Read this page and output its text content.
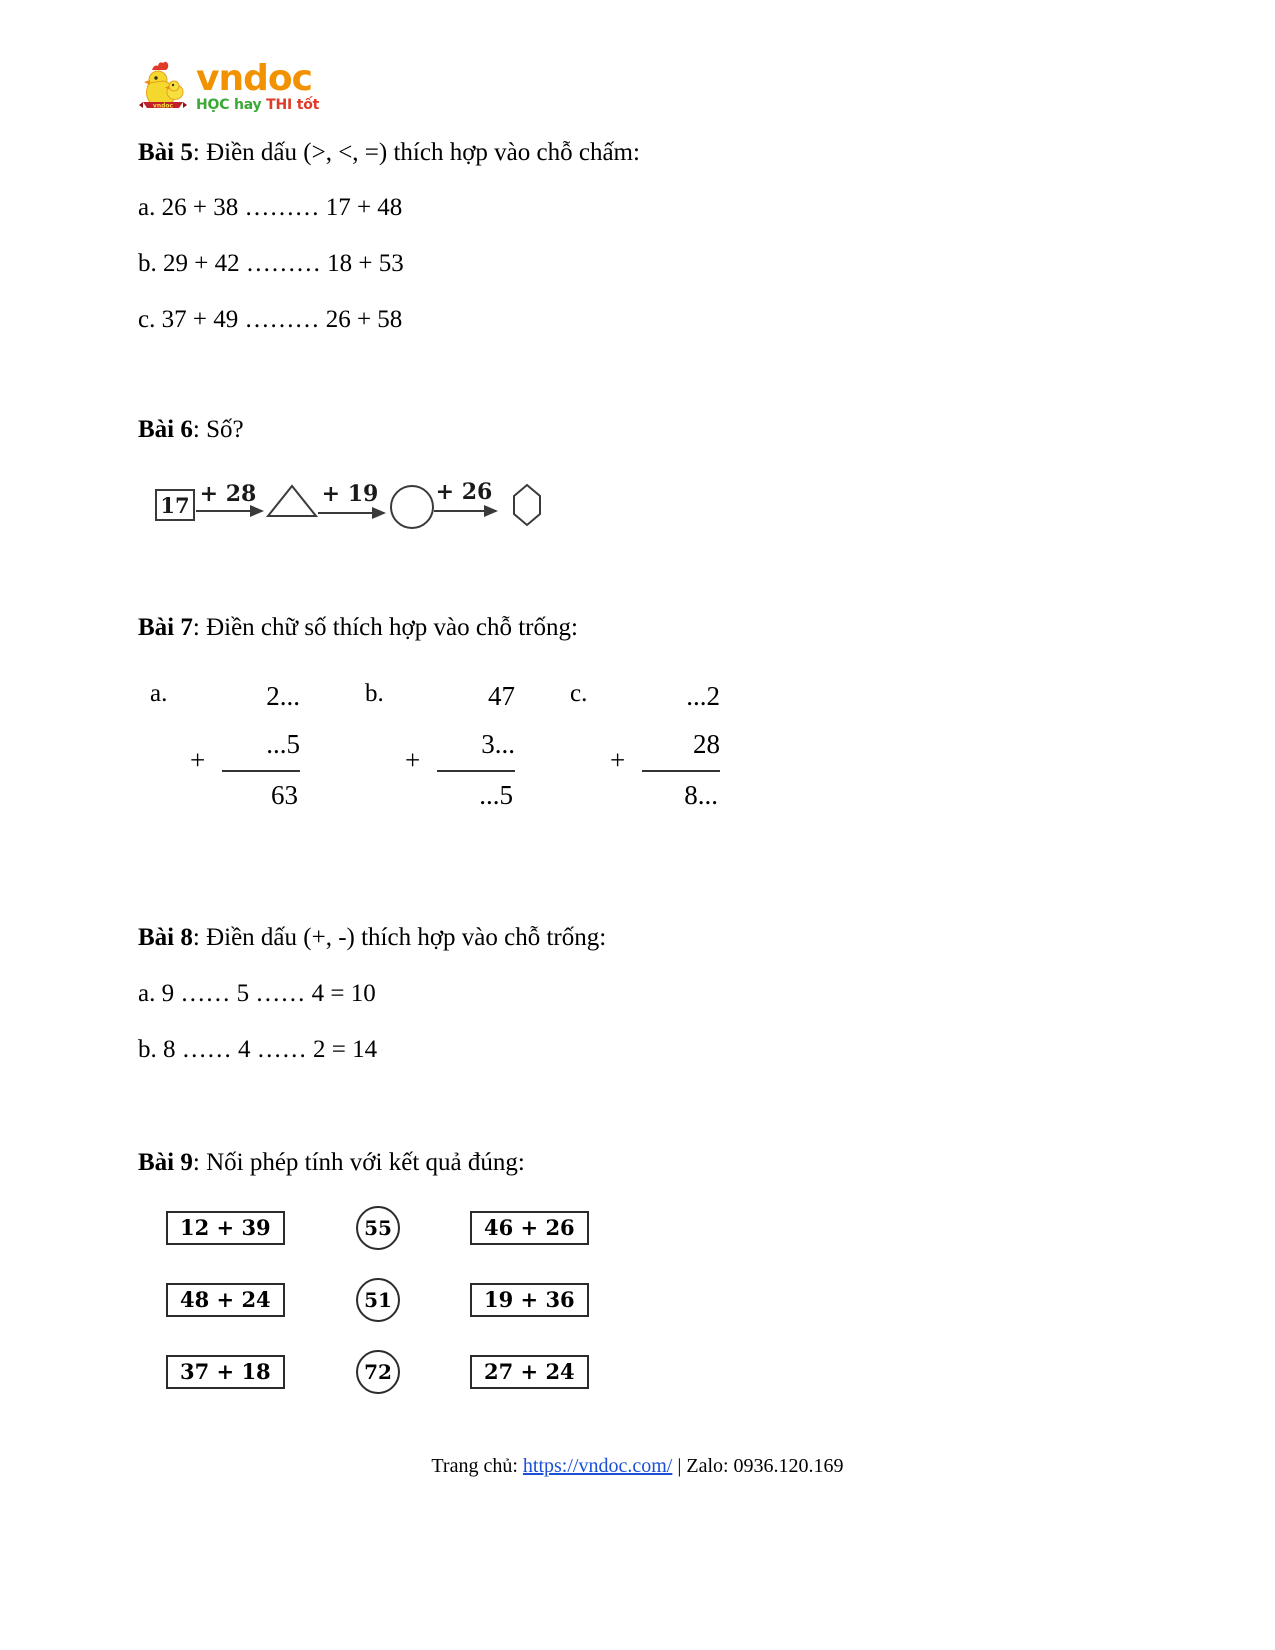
vndoc
vndoc
HỌC hay THI tốt
Bài 5: Điền dấu (>, <, =) thích hợp vào chỗ chấm:
a. 26 + 38 ……… 17 + 48
b. 29 + 42 ……… 18 + 53
c. 37 + 49 ……… 26 + 58
Bài 6: Số?
17 + 28	+ 19	+ 26
Bài 7: Điền chữ số thích hợp vào chỗ trống:
a.	2...
+
...5
63
b.	47
+
3...
...5
c.	...2
+
28
8...
Bài 8: Điền dấu (+, -) thích hợp vào chỗ trống:
a. 9 …… 5 …… 4 = 10
b. 8 …… 4 …… 2 = 14
Bài 9: Nối phép tính với kết quả đúng:
12 + 39	55	46 + 26
48 + 24	51	19 + 36
37 + 18	72	27 + 24
Trang chủ: https://vndoc.com/ | Zalo: 0936.120.169
